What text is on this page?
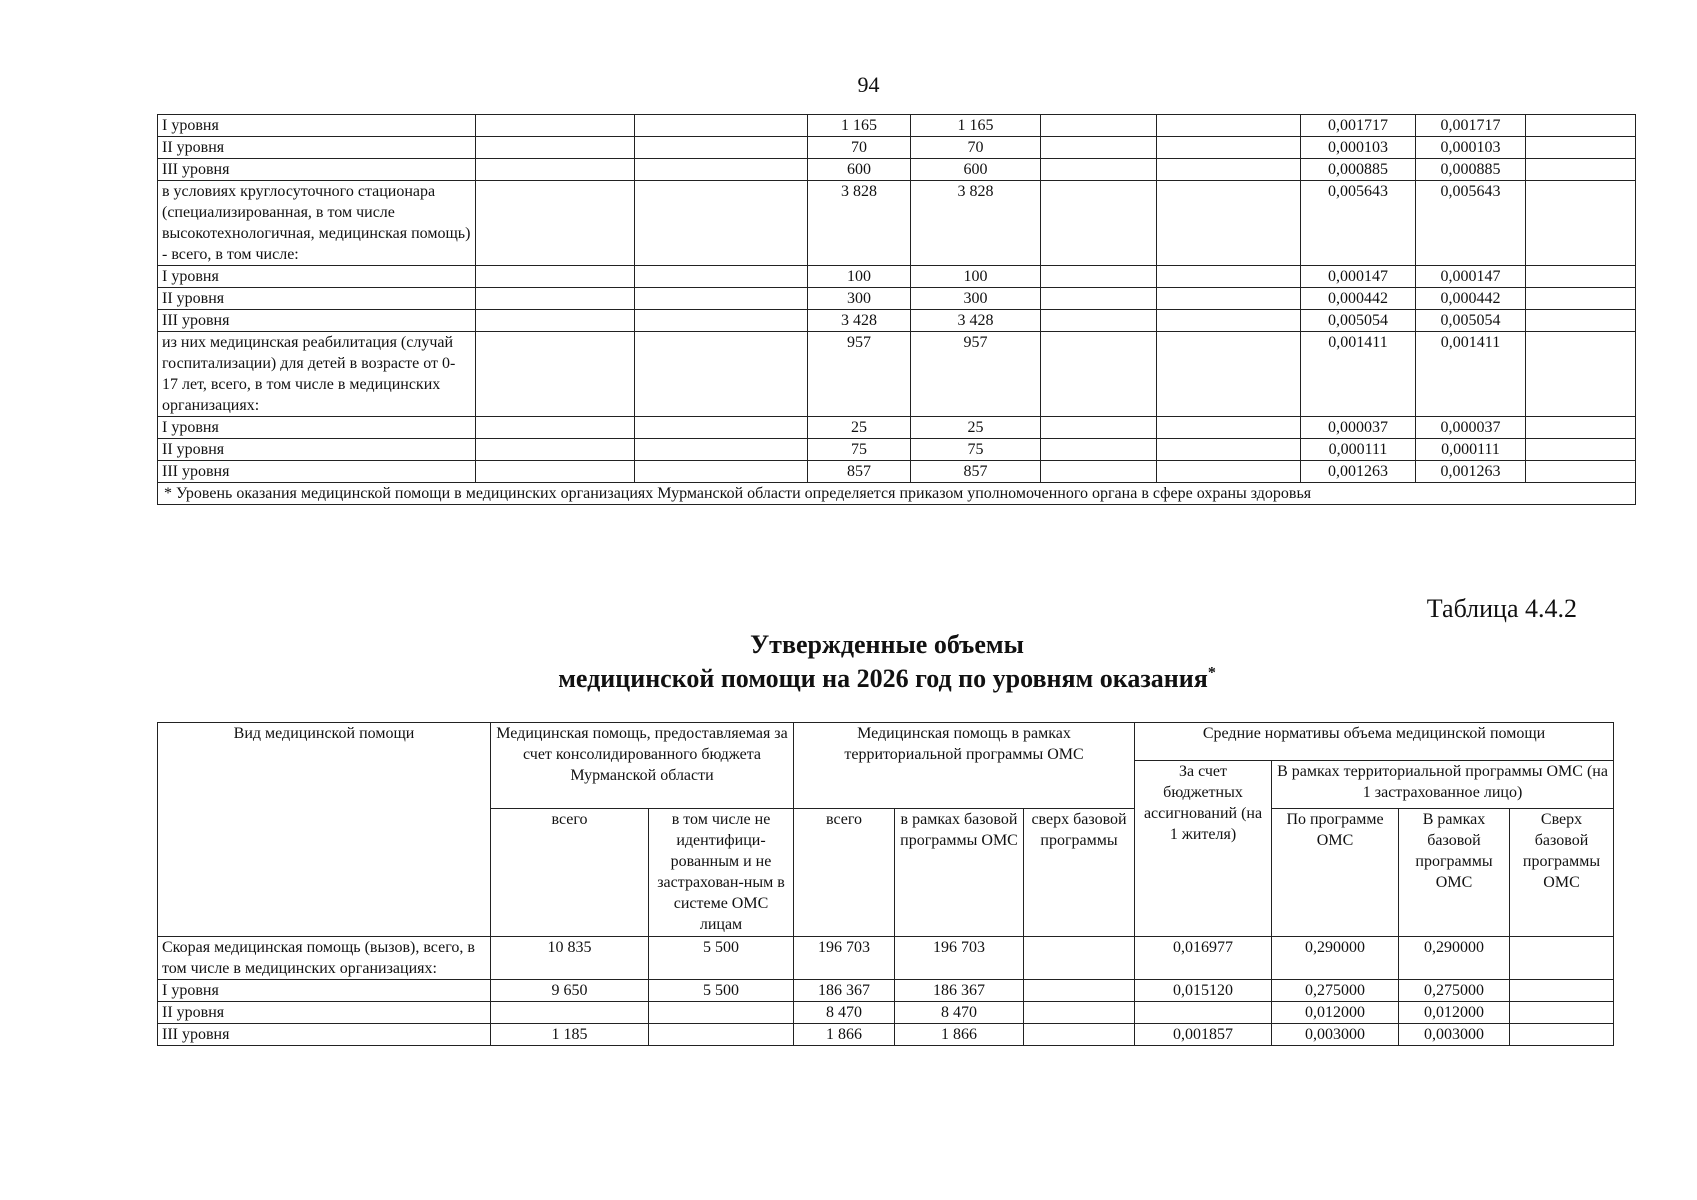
94
I уровня			1 165	1 165			0,001717	0,001717	
II уровня			70	70			0,000103	0,000103	
III уровня			600	600			0,000885	0,000885	
в условиях круглосуточного стационара (специализированная, в том числе высокотехнологичная, медицинская помощь) - всего, в том числе:			3 828	3 828			0,005643	0,005643	
I уровня			100	100			0,000147	0,000147	
II уровня			300	300			0,000442	0,000442	
III уровня			3 428	3 428			0,005054	0,005054	
из них медицинская реабилитация (случай госпитализации) для детей в возрасте от 0-17 лет, всего, в том числе в медицинских организациях:			957	957			0,001411	0,001411	
I уровня			25	25			0,000037	0,000037	
II уровня			75	75			0,000111	0,000111	
III уровня			857	857			0,001263	0,001263	
* Уровень оказания медицинской помощи в медицинских организациях Мурманской области определяется приказом уполномоченного органа в сфере охраны здоровья									
Таблица 4.4.2
Утвержденные объемы
медицинской помощи на 2026 год по уровням оказания*
Вид медицинской помощи	Медицинская помощь, предоставляемая за счет консолидированного бюджета Мурманской области		Медицинская помощь в рамках территориальной программы ОМС			Средние нормативы объема медицинской помощи			
						За счет бюджетных ассигнований (на 1 жителя)	В рамках территориальной программы ОМС (на 1 застрахованное лицо)		
	всего	в том числе не идентифици-рованным и не застрахован-ным в системе ОМС лицам	всего	в рамках базовой программы ОМС	сверх базовой программы		По программе ОМС	В рамках базовой программы ОМС	Сверх базовой программы ОМС
Скорая медицинская помощь (вызов), всего, в том числе в медицинских организациях:	10 835	5 500	196 703	196 703		0,016977	0,290000	0,290000	
I уровня	9 650	5 500	186 367	186 367		0,015120	0,275000	0,275000	
II уровня			8 470	8 470			0,012000	0,012000	
III уровня	1 185		1 866	1 866		0,001857	0,003000	0,003000	
